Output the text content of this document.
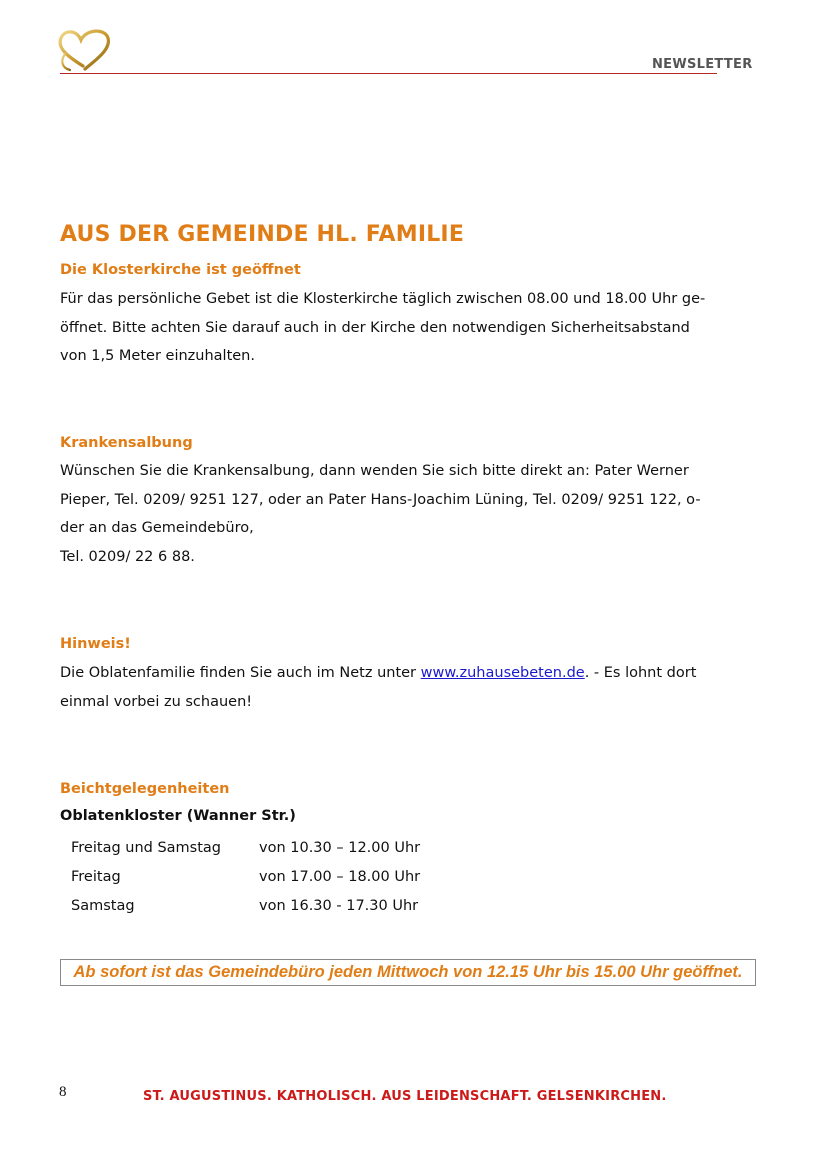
NEWSLETTER
AUS DER GEMEINDE HL. FAMILIE
Die Klosterkirche ist geöffnet

Für das persönliche Gebet ist die Klosterkirche täglich zwischen 08.00 und 18.00 Uhr ge-

öffnet. Bitte achten Sie darauf auch in der Kirche den notwendigen Sicherheitsabstand

von 1,5 Meter einzuhalten.

Krankensalbung

Wünschen Sie die Krankensalbung, dann wenden Sie sich bitte direkt an: Pater Werner

Pieper, Tel. 0209/ 9251 127, oder an Pater Hans-Joachim Lüning, Tel. 0209/ 9251 122, o-

der an das Gemeindebüro,

Tel. 0209/ 22 6 88.

Hinweis!

Die Oblatenfamilie finden Sie auch im Netz unter www.zuhausebeten.de. - Es lohnt dort

einmal vorbei zu schauen!

Beichtgelegenheiten
Oblatenkloster (Wanner Str.)
Freitag und Samstag	von 10.30 – 12.00 Uhr
Freitag	von 17.00 – 18.00 Uhr
Samstag	von 16.30 - 17.30 Uhr
Ab sofort ist das Gemeindebüro jeden Mittwoch von 12.15 Uhr bis 15.00 Uhr geöffnet.
8	ST. AUGUSTINUS. KATHOLISCH. AUS LEIDENSCHAFT. GELSENKIRCHEN.
